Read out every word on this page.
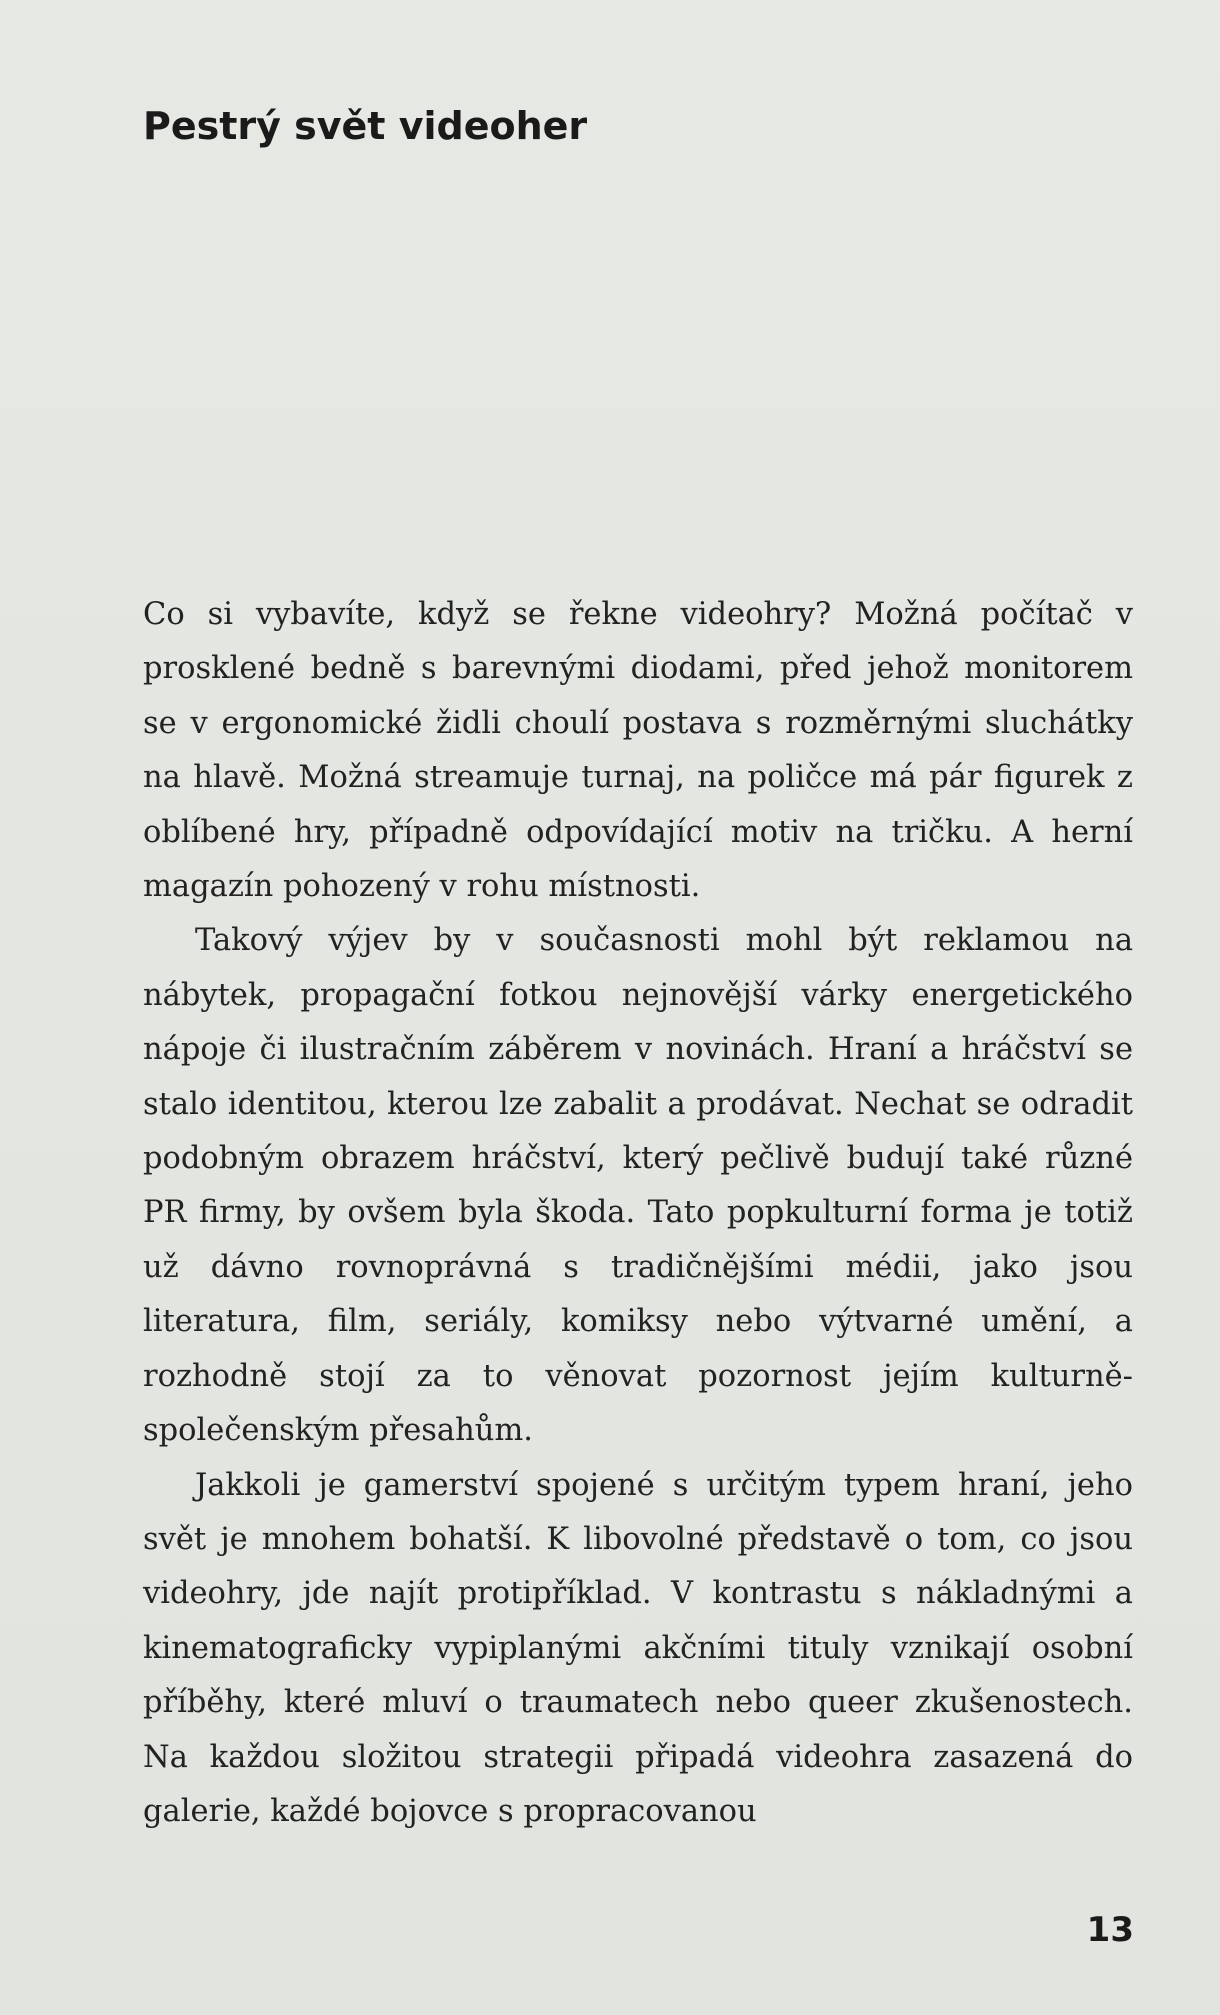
Pestrý svět videoher

Co si vybavíte, když se řekne videohry? Možná počítač v prosklené bedně s barevnými diodami, před jehož monitorem se v ergonomické židli choulí postava s rozměrnými sluchátky na hlavě. Možná streamuje turnaj, na poličce má pár figurek z oblíbené hry, případně odpovídající motiv na tričku. A herní magazín pohozený v rohu místnosti.

Takový výjev by v současnosti mohl být reklamou na nábytek, propagační fotkou nejnovější várky energetického nápoje či ilustračním záběrem v novinách. Hraní a hráčství se stalo identitou, kterou lze zabalit a prodávat. Nechat se odradit podobným obrazem hráčství, který pečlivě budují také různé PR firmy, by ovšem byla škoda. Tato popkulturní forma je totiž už dávno rovnoprávná s tradičnějšími médii, jako jsou literatura, film, seriály, komiksy nebo výtvarné umění, a rozhodně stojí za to věnovat pozornost jejím kulturně-společenským přesahům.

Jakkoli je gamerství spojené s určitým typem hraní, jeho svět je mnohem bohatší. K libovolné představě o tom, co jsou videohry, jde najít protipříklad. V kontrastu s nákladnými a kinematograficky vypiplanými akčními tituly vznikají osobní příběhy, které mluví o traumatech nebo queer zkušenostech. Na každou složitou strategii připadá videohra zasazená do galerie, každé bojovce s propracovanou

13
